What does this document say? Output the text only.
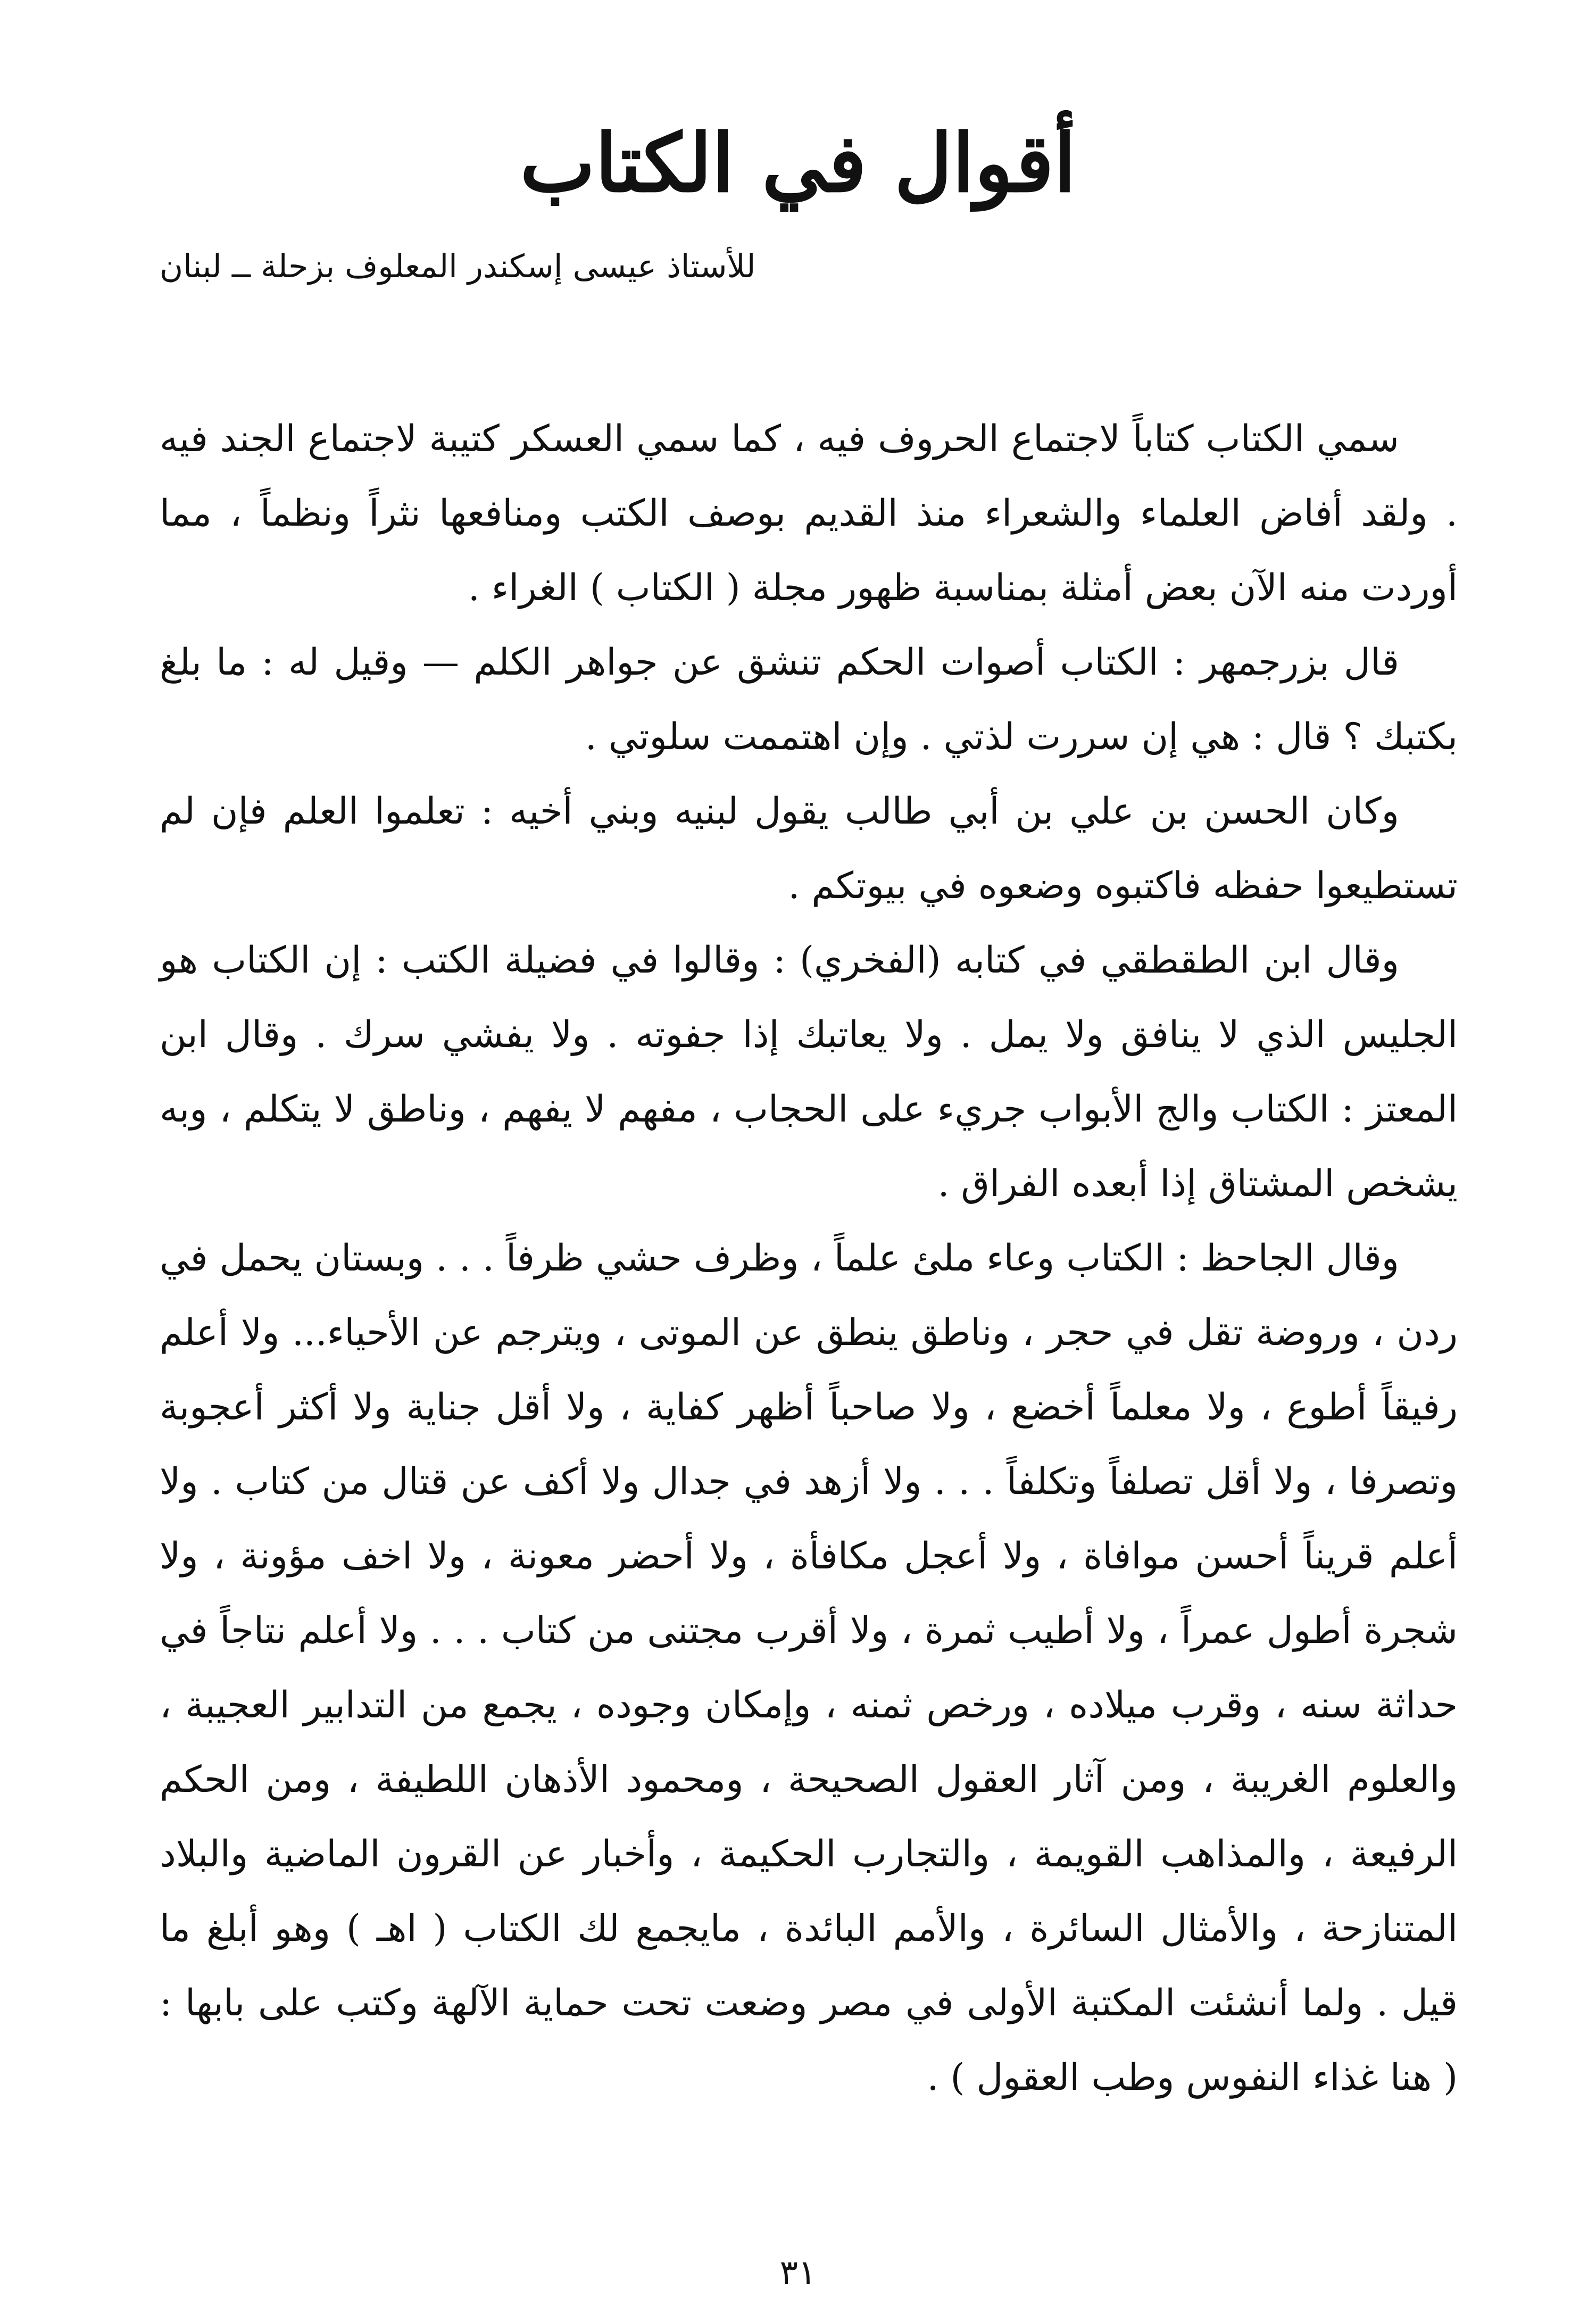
أقوال في الكتاب
للأستاذ عيسى إسكندر المعلوف بزحلة ــ لبنان

سمي الكتاب كتاباً لاجتماع الحروف فيه ، كما سمي العسكر كتيبة لاجتماع الجند فيه . ولقد أفاض العلماء والشعراء منذ القديم بوصف الكتب ومنافعها نثراً ونظماً ، مما أوردت منه الآن بعض أمثلة بمناسبة ظهور مجلة ( الكتاب ) الغراء .

قال بزرجمهر : الكتاب أصوات الحكم تنشق عن جواهر الكلم — وقيل له : ما بلغ بكتبك ؟ قال : هي إن سررت لذتي . وإن اهتممت سلوتي .

وكان الحسن بن علي بن أبي طالب يقول لبنيه وبني أخيه : تعلموا العلم فإن لم تستطيعوا حفظه فاكتبوه وضعوه في بيوتكم .

وقال ابن الطقطقي في كتابه (الفخري) : وقالوا في فضيلة الكتب : إن الكتاب هو الجليس الذي لا ينافق ولا يمل . ولا يعاتبك إذا جفوته . ولا يفشي سرك . وقال ابن المعتز : الكتاب والج الأبواب جريء على الحجاب ، مفهم لا يفهم ، وناطق لا يتكلم ، وبه يشخص المشتاق إذا أبعده الفراق .

وقال الجاحظ : الكتاب وعاء ملئ علماً ، وظرف حشي ظرفاً . . . وبستان يحمل في ردن ، وروضة تقل في حجر ، وناطق ينطق عن الموتى ، ويترجم عن الأحياء... ولا أعلم رفيقاً أطوع ، ولا معلماً أخضع ، ولا صاحباً أظهر كفاية ، ولا أقل جناية ولا أكثر أعجوبة وتصرفا ، ولا أقل تصلفاً وتكلفاً . . . ولا أزهد في جدال ولا أكف عن قتال من كتاب . ولا أعلم قريناً أحسن موافاة ، ولا أعجل مكافأة ، ولا أحضر معونة ، ولا اخف مؤونة ، ولا شجرة أطول عمراً ، ولا أطيب ثمرة ، ولا أقرب مجتنى من كتاب . . . ولا أعلم نتاجاً في حداثة سنه ، وقرب ميلاده ، ورخص ثمنه ، وإمكان وجوده ، يجمع من التدابير العجيبة ، والعلوم الغريبة ، ومن آثار العقول الصحيحة ، ومحمود الأذهان اللطيفة ، ومن الحكم الرفيعة ، والمذاهب القويمة ، والتجارب الحكيمة ، وأخبار عن القرون الماضية والبلاد المتنازحة ، والأمثال السائرة ، والأمم البائدة ، مايجمع لك الكتاب ( اهـ ) وهو أبلغ ما قيل . ولما أنشئت المكتبة الأولى في مصر وضعت تحت حماية الآلهة وكتب على بابها : ( هنا غذاء النفوس وطب العقول ) .

٣١
